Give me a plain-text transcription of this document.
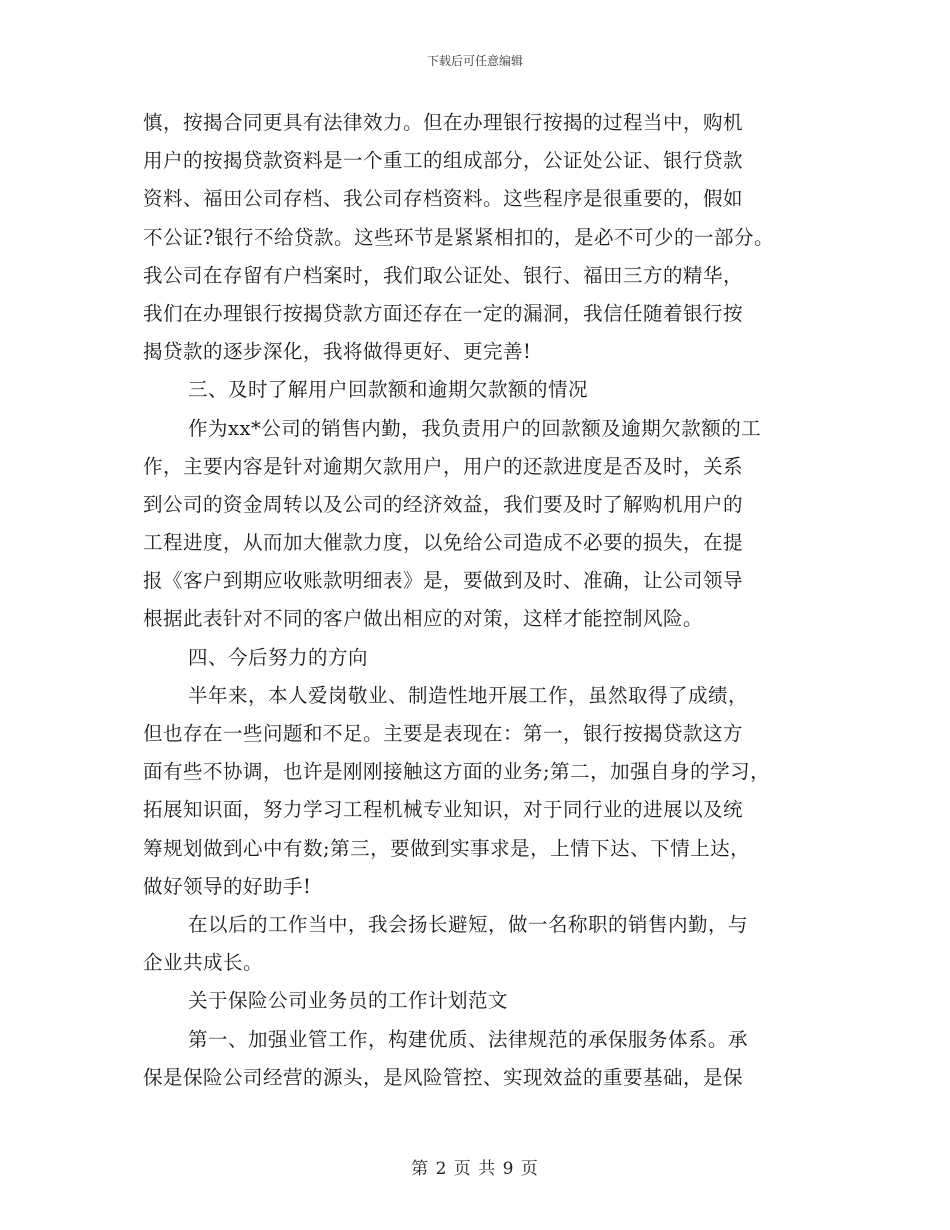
下载后可任意编辑
慎，按揭合同更具有法律效力。但在办理银行按揭的过程当中，购机
用户的按揭贷款资料是一个重工的组成部分，公证处公证、银行贷款
资料、福田公司存档、我公司存档资料。这些程序是很重要的，假如
不公证?银行不给贷款。这些环节是紧紧相扣的，是必不可少的一部分。
我公司在存留有户档案时，我们取公证处、银行、福田三方的精华，
我们在办理银行按揭贷款方面还存在一定的漏洞，我信任随着银行按
揭贷款的逐步深化，我将做得更好、更完善!
三、及时了解用户回款额和逾期欠款额的情况
作为xx*公司的销售内勤，我负责用户的回款额及逾期欠款额的工
作，主要内容是针对逾期欠款用户，用户的还款进度是否及时，关系
到公司的资金周转以及公司的经济效益，我们要及时了解购机用户的
工程进度，从而加大催款力度，以免给公司造成不必要的损失，在提
报《客户到期应收账款明细表》是，要做到及时、准确，让公司领导
根据此表针对不同的客户做出相应的对策，这样才能控制风险。
四、今后努力的方向
半年来，本人爱岗敬业、制造性地开展工作，虽然取得了成绩，
但也存在一些问题和不足。主要是表现在：第一，银行按揭贷款这方
面有些不协调，也许是刚刚接触这方面的业务;第二，加强自身的学习，
拓展知识面，努力学习工程机械专业知识，对于同行业的进展以及统
筹规划做到心中有数;第三，要做到实事求是，上情下达、下情上达，
做好领导的好助手!
在以后的工作当中，我会扬长避短，做一名称职的销售内勤，与
企业共成长。
关于保险公司业务员的工作计划范文
第一、加强业管工作，构建优质、法律规范的承保服务体系。承
保是保险公司经营的源头，是风险管控、实现效益的重要基础，是保
第 2 页 共 9 页
